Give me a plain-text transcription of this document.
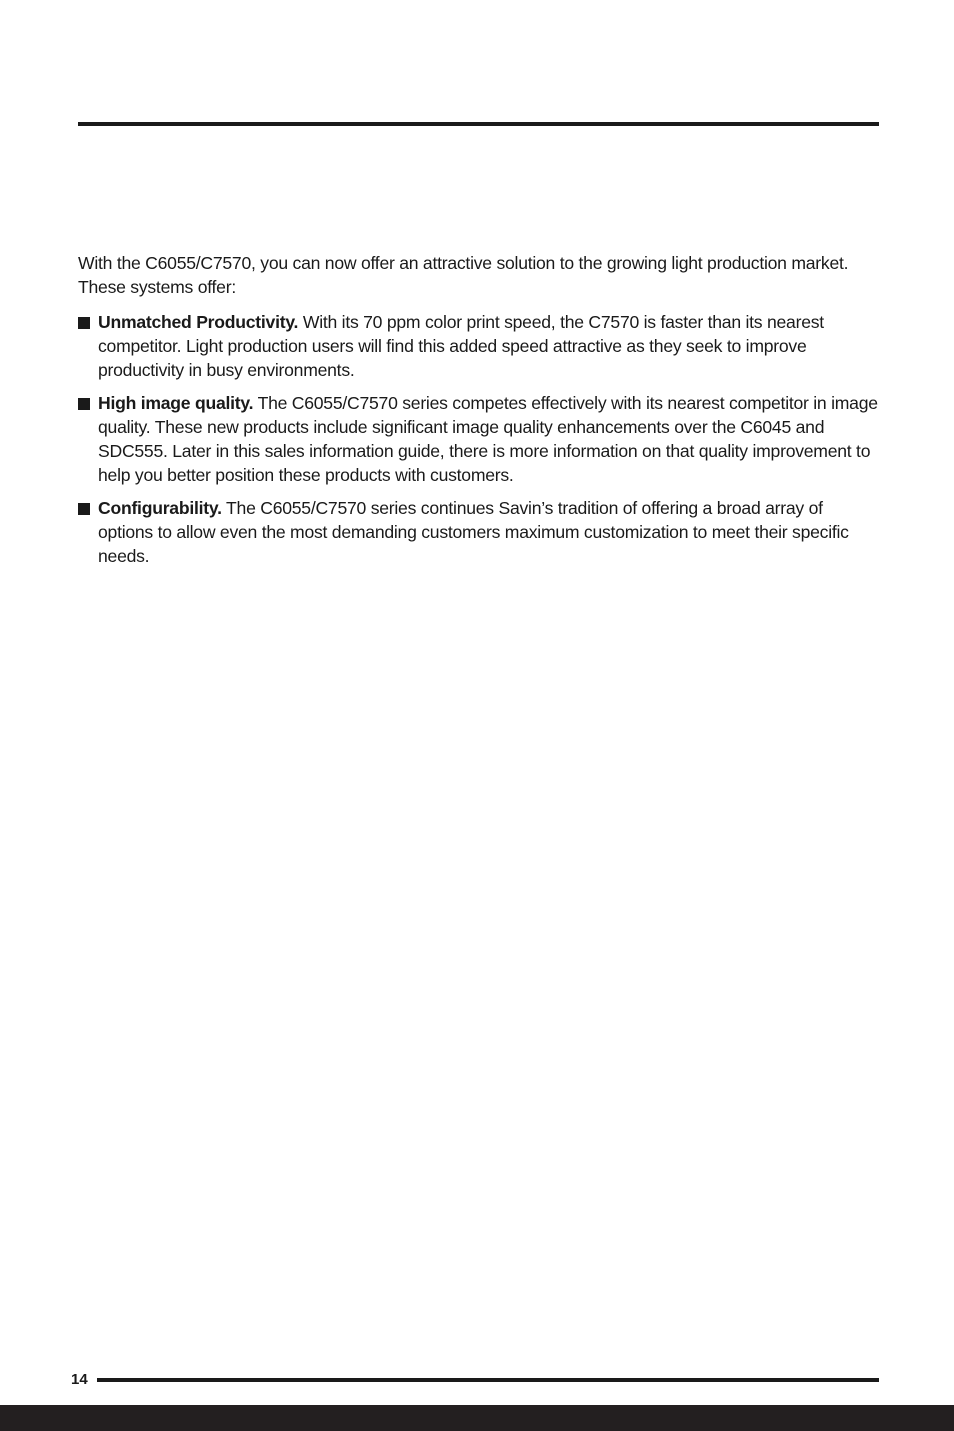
With the C6055/C7570, you can now offer an attractive solution to the growing light production market. These systems offer:

Unmatched Productivity. With its 70 ppm color print speed, the C7570 is faster than its nearest competitor. Light production users will find this added speed attractive as they seek to improve productivity in busy environments.
High image quality. The C6055/C7570 series competes effectively with its nearest competitor in image quality. These new products include significant image quality enhancements over the C6045 and SDC555. Later in this sales information guide, there is more information on that quality improvement to help you better position these products with customers.
Configurability. The C6055/C7570 series continues Savin’s tradition of offering a broad array of options to allow even the most demanding customers maximum customization to meet their specific needs.
14
